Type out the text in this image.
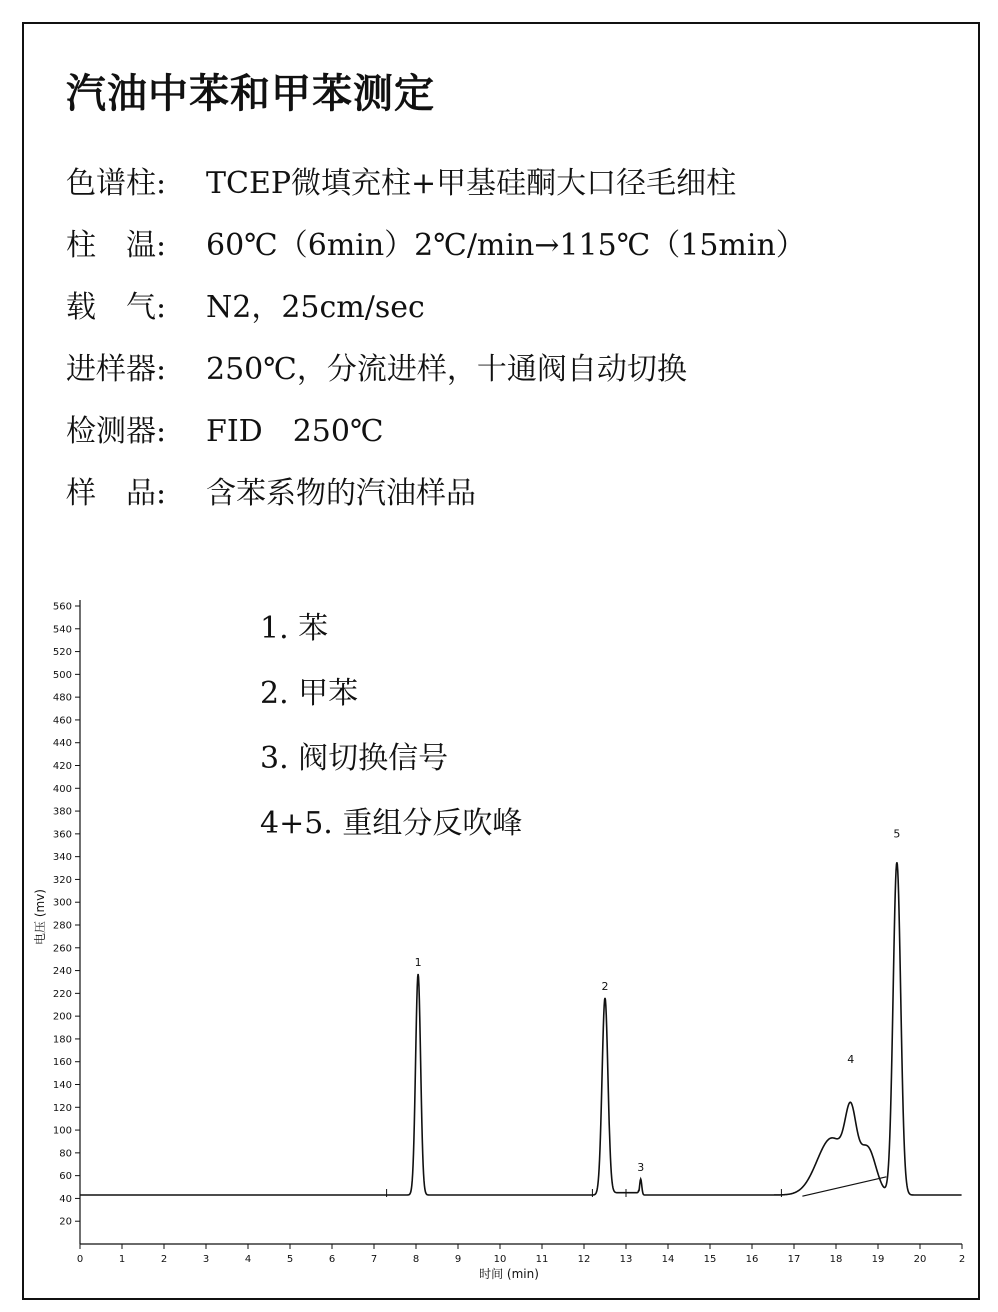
汽油中苯和甲苯测定
色谱柱: TCEP微填充柱+甲基硅酮大口径毛细柱
柱　温: 60℃（6min）2℃/min→115℃（15min）
载　气: N2，25cm/sec
进样器: 250℃，分流进样，十通阀自动切换
检测器: FID　250℃
样　品: 含苯系物的汽油样品
1. 苯
2. 甲苯
3. 阀切换信号
4+5. 重组分反吹峰
20
40
60
80
100
120
140
160
180
200
220
240
260
280
300
320
340
360
380
400
420
440
460
480
500
520
540
560
0	1	2	3	4	5	6	7	8	9	10	11	12	13	14	15	16	17	18	19	20	2
电压 (mv)
时间 (min)
1
2
3
4
5
